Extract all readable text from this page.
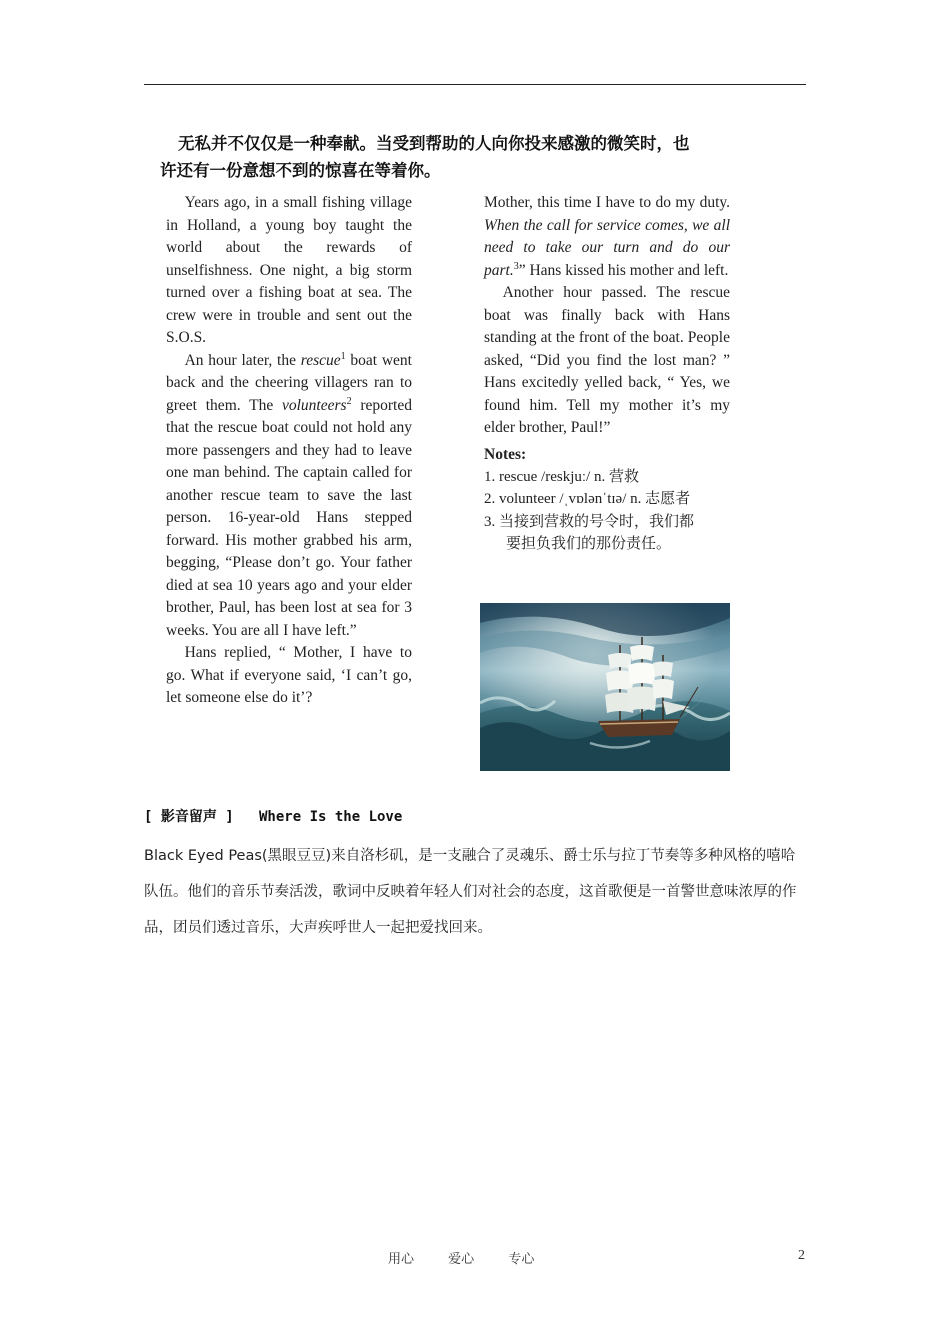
无私并不仅仅是一种奉献。当受到帮助的人向你投来感激的微笑时，也
许还有一份意想不到的惊喜在等着你。

Years ago, in a small fishing village in Holland, a young boy taught the world about the rewards of unselfishness. One night, a big storm turned over a fishing boat at sea. The crew were in trouble and sent out the S.O.S.

An hour later, the rescue$^1$ boat went back and the cheering villagers ran to greet them. The volunteers$^2$ reported that the rescue boat could not hold any more passengers and they had to leave one man behind. The captain called for another rescue team to save the last person. 16-year-old Hans stepped forward. His mother grabbed his arm, begging, “Please don’t go. Your father died at sea 10 years ago and your elder brother, Paul, has been lost at sea for 3 weeks. You are all I have left.”

Hans replied, “ Mother, I have to go. What if everyone said, ‘I can’t go, let someone else do it’?

Mother, this time I have to do my duty. When the call for service comes, we all need to take our turn and do our part.$^3$” Hans kissed his mother and left.

Another hour passed. The rescue boat was finally back with Hans standing at the front of the boat. People asked, “Did you find the lost man? ” Hans excitedly yelled back, “ Yes, we found him. Tell my mother it’s my elder brother, Paul!”

Notes:
1. rescue /reskjuː/ n. 营救
2. volunteer /ˌvɒlənˈtɪə/ n. 志愿者
3. 当接到营救的号令时，我们都
要担负我们的那份责任。
[ 影音留声 ]   Where Is the Love
Black Eyed Peas(黑眼豆豆)来自洛杉矶，是一支融合了灵魂乐、爵士乐与拉丁节奏等多种风格的嘻哈队伍。他们的音乐节奏活泼，歌词中反映着年轻人们对社会的态度，这首歌便是一首警世意味浓厚的作品，团员们透过音乐，大声疾呼世人一起把爱找回来。
用心	爱心	专心	2
